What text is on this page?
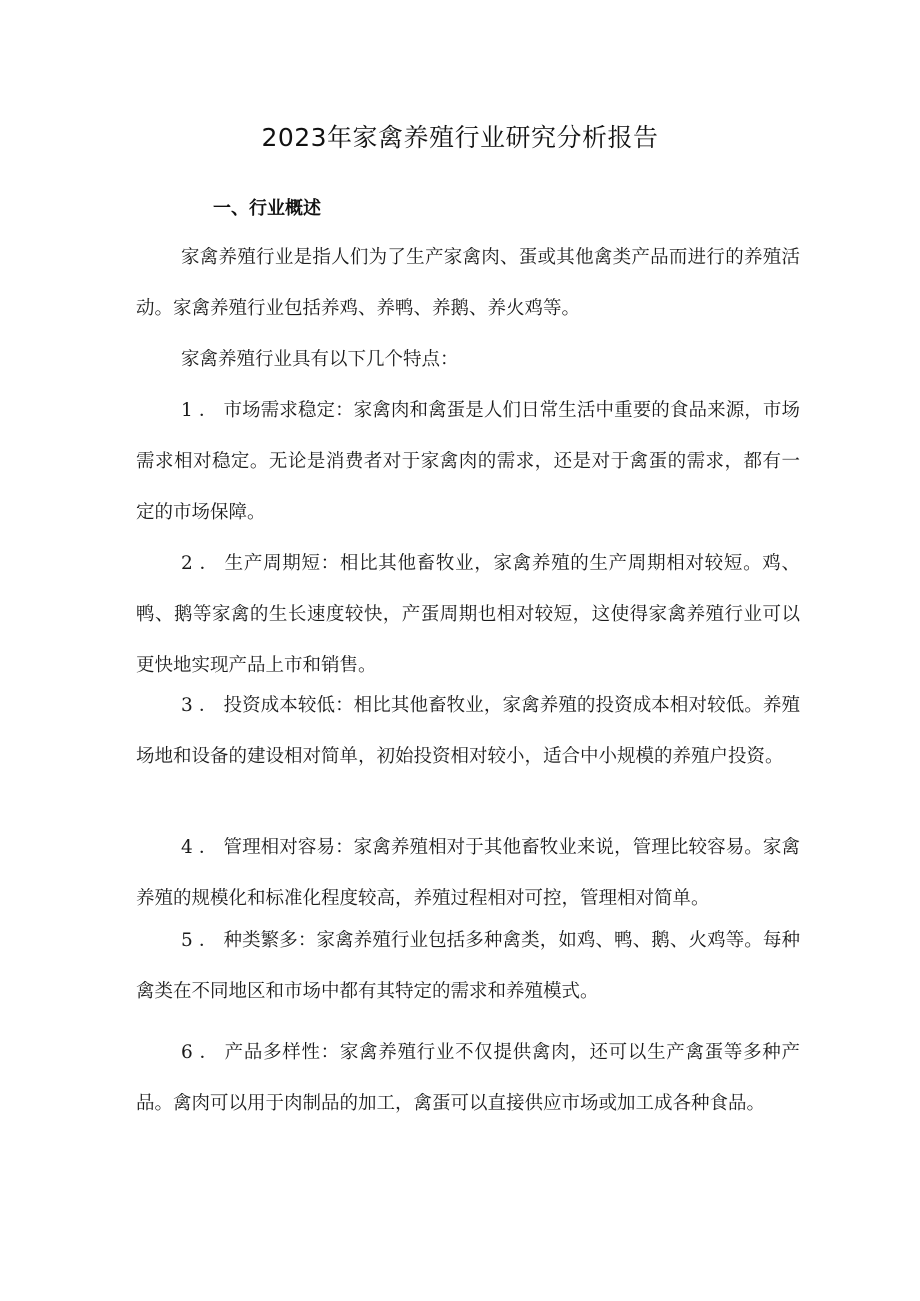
2023年家禽养殖行业研究分析报告
一、行业概述

家禽养殖行业是指人们为了生产家禽肉、蛋或其他禽类产品而进行的养殖活动。家禽养殖行业包括养鸡、养鸭、养鹅、养火鸡等。

家禽养殖行业具有以下几个特点：

1．市场需求稳定：家禽肉和禽蛋是人们日常生活中重要的食品来源，市场需求相对稳定。无论是消费者对于家禽肉的需求，还是对于禽蛋的需求，都有一定的市场保障。

2．生产周期短：相比其他畜牧业，家禽养殖的生产周期相对较短。鸡、鸭、鹅等家禽的生长速度较快，产蛋周期也相对较短，这使得家禽养殖行业可以更快地实现产品上市和销售。

3．投资成本较低：相比其他畜牧业，家禽养殖的投资成本相对较低。养殖场地和设备的建设相对简单，初始投资相对较小，适合中小规模的养殖户投资。

4．管理相对容易：家禽养殖相对于其他畜牧业来说，管理比较容易。家禽养殖的规模化和标准化程度较高，养殖过程相对可控，管理相对简单。

5．种类繁多：家禽养殖行业包括多种禽类，如鸡、鸭、鹅、火鸡等。每种禽类在不同地区和市场中都有其特定的需求和养殖模式。

6．产品多样性：家禽养殖行业不仅提供禽肉，还可以生产禽蛋等多种产品。禽肉可以用于肉制品的加工，禽蛋可以直接供应市场或加工成各种食品。
